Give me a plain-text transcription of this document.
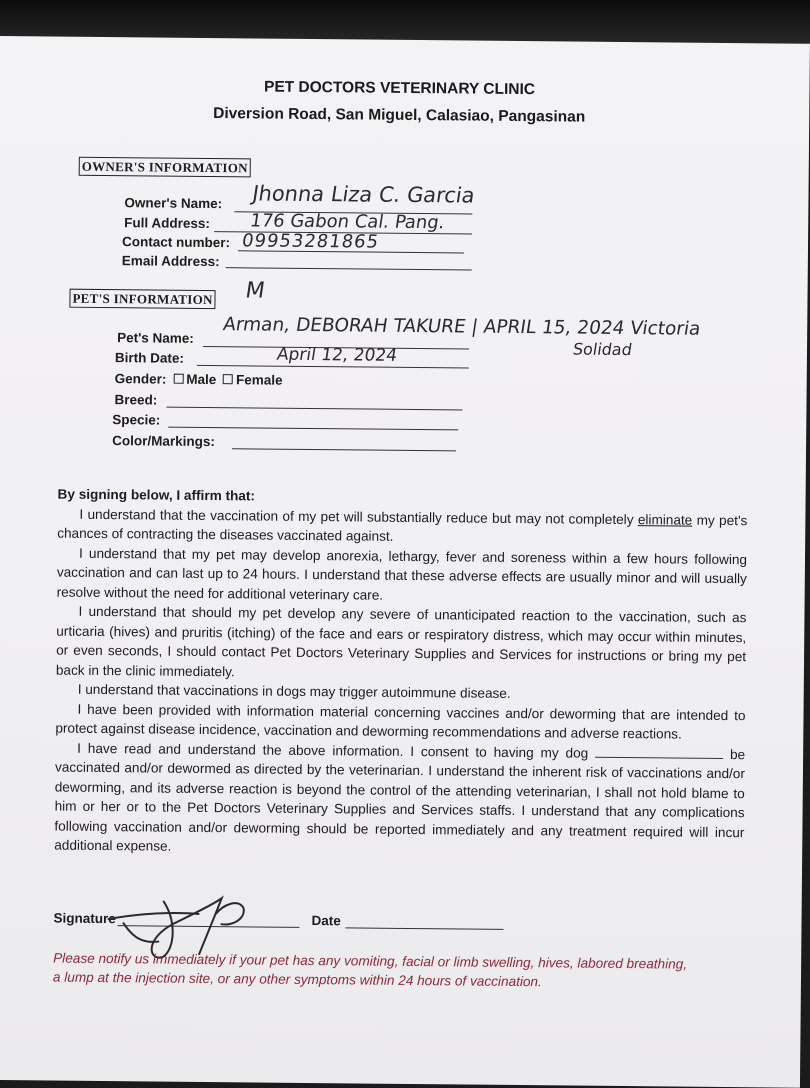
PET DOCTORS VETERINARY CLINIC
Diversion Road, San Miguel, Calasiao, Pangasinan
OWNER'S INFORMATION
Owner's Name: Jhonna Liza C. Garcia
Full Address: 176 Gabon Cal. Pang.
Contact number: 09953281865
Email Address:
PET'S INFORMATION M
Pet's Name: Arman, DEBORAH TAKURE | APRIL 15, 2024 Victoria
Solidad
Birth Date:	April 12, 2024
Gender: Male Female
Breed:
Specie:
Color/Markings:

By signing below, I affirm that:

I understand that the vaccination of my pet will substantially reduce but may not completely eliminate my pet's chances of contracting the diseases vaccinated against.

I understand that my pet may develop anorexia, lethargy, fever and soreness within a few hours following vaccination and can last up to 24 hours. I understand that these adverse effects are usually minor and will usually resolve without the need for additional veterinary care.

I understand that should my pet develop any severe of unanticipated reaction to the vaccination, such as urticaria (hives) and pruritis (itching) of the face and ears or respiratory distress, which may occur within minutes, or even seconds, I should contact Pet Doctors Veterinary Supplies and Services for instructions or bring my pet back in the clinic immediately.

I understand that vaccinations in dogs may trigger autoimmune disease.

I have been provided with information material concerning vaccines and/or deworming that are intended to protect against disease incidence, vaccination and deworming recommendations and adverse reactions.

I have read and understand the above information. I consent to having my dog	be vaccinated and/or dewormed as directed by the veterinarian. I understand the inherent risk of vaccinations and/or deworming, and its adverse reaction is beyond the control of the attending veterinarian, I shall not hold blame to him or her or to the Pet Doctors Veterinary Supplies and Services staffs. I understand that any complications following vaccination and/or deworming should be reported immediately and any treatment required will incur additional expense.

Signature	Date
Please notify us immediately if your pet has any vomiting, facial or limb swelling, hives, labored breathing, a lump at the injection site, or any other symptoms within 24 hours of vaccination.
